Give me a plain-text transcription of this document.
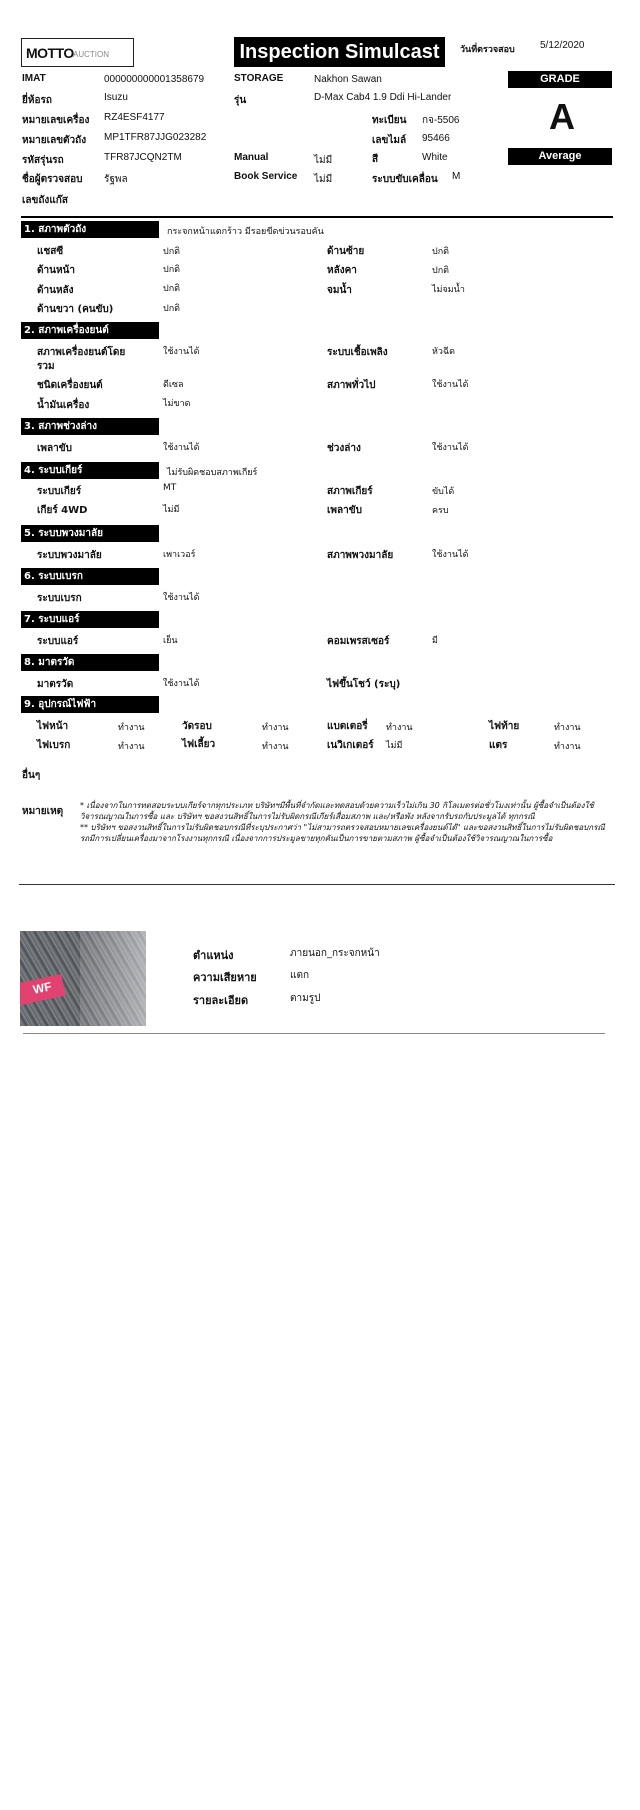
MOTTO AUCTION	Inspection Simulcast	วันที่ตรวจสอบ	5/12/2020
IMAT	000000000001358679
ยี่ห้อรถ	Isuzu
หมายเลขเครื่อง RZ4ESF4177
หมายเลขตัวถัง MP1TFR87JJG023282
รหัสรุ่นรถ	TFR87JCQN2TM
ชื่อผู้ตรวจสอบ รัฐพล
เลขถังแก๊ส
STORAGE	Nakhon Sawan
รุ่น	D-Max Cab4 1.9 Ddi Hi-Lander
ทะเบียน กจ-5506
เลขไมล์ 95466
Manual	ไม่มี	สี	White
Book Service ไม่มี	ระบบขับเคลื่อน M
GRADE
A
Average
1. สภาพตัวถัง	กระจกหน้าแตกร้าว มีรอยขีดข่วนรอบคัน
แชสซี	ปกติ	ด้านซ้าย	ปกติ
ด้านหน้า	ปกติ	หลังคา	ปกติ
ด้านหลัง	ปกติ	จมน้ำ	ไม่จมน้ำ
ด้านขวา (คนขับ)	ปกติ
2. สภาพเครื่องยนต์
สภาพเครื่องยนต์โดย
รวม
ใช้งานได้	ระบบเชื้อเพลิง	หัวฉีด
ชนิดเครื่องยนต์	ดีเซล	สภาพทั่วไป	ใช้งานได้
น้ำมันเครื่อง	ไม่ขาด
3. สภาพช่วงล่าง
เพลาขับ	ใช้งานได้	ช่วงล่าง	ใช้งานได้
4. ระบบเกียร์	ไม่รับผิดชอบสภาพเกียร์
ระบบเกียร์	MT	สภาพเกียร์	ขับได้
เกียร์ 4WD	ไม่มี	เพลาขับ	ครบ
5. ระบบพวงมาลัย
ระบบพวงมาลัย	เพาเวอร์	สภาพพวงมาลัย	ใช้งานได้
6. ระบบเบรก
ระบบเบรก	ใช้งานได้
7. ระบบแอร์
ระบบแอร์	เย็น	คอมเพรสเซอร์	มี
8. มาตรวัด
มาตรวัด	ใช้งานได้	ไฟขึ้นโชว์ (ระบุ)
9. อุปกรณ์ไฟฟ้า
ไฟหน้า	ทำงาน	วัดรอบ	ทำงาน	แบตเตอรี่ ทำงาน	ไฟท้าย	ทำงาน
ไฟเบรก	ทำงาน	ไฟเลี้ยว	ทำงาน	เนวิเกเตอร์ ไม่มี	แตร	ทำงาน
อื่นๆ
หมายเหตุ
* เนื่องจากในการทดสอบระบบเกียร์จากทุกประเภท บริษัทฯมีพื้นที่จำกัดและทดสอบด้วยความเร็วไม่เกิน 30 กิโลเมตรต่อชั่วโมงเท่านั้น ผู้ซื้อจำเป็นต้องใช้วิจารณญาณในการซื้อ และ บริษัทฯ ขอสงวนสิทธิ์ในการไม่รับผิดกรณีเกียร์เสื่อมสภาพ และ/หรือพัง หลังจากรับรถกับประมูลได้ ทุกกรณี
** บริษัทฯ ขอสงวนสิทธิ์ในการไม่รับผิดชอบกรณีที่ระบุประกาศว่า "ไม่สามารถตรวจสอบหมายเลขเครื่องยนต์ได้" และขอสงวนสิทธิ์ในการไม่รับผิดชอบกรณีรถมีการเปลี่ยนเครื่องมาจากโรงงานทุกกรณี เนื่องจากการประมูลขายทุกคันเป็นการขายตามสภาพ ผู้ซื้อจำเป็นต้องใช้วิจารณญาณในการซื้อ
WF
ตำแหน่ง	ภายนอก_กระจกหน้า
ความเสียหาย	แตก
รายละเอียด	ตามรูป
